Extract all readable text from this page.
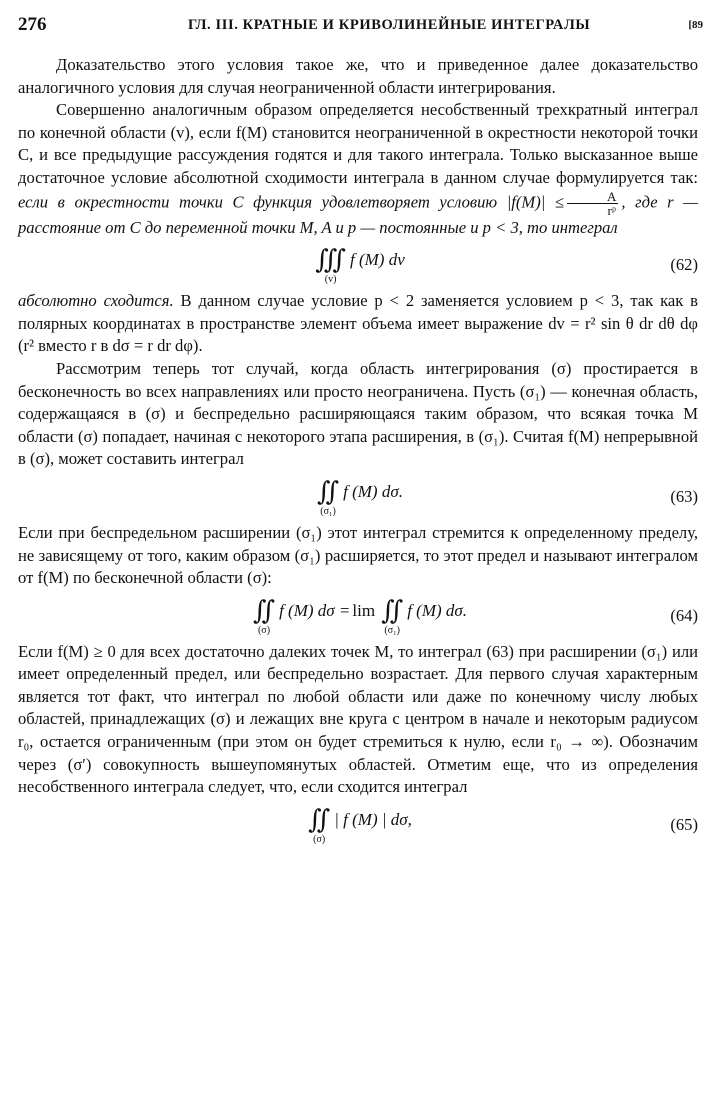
276	ГЛ. III. КРАТНЫЕ И КРИВОЛИНЕЙНЫЕ ИНТЕГРАЛЫ	[89

Доказательство этого условия такое же, что и приведенное далее доказательство аналогичного условия для случая неограниченной области интегрирования.

Совершенно аналогичным образом определяется несобственный трехкратный интеграл по конечной области (v), если f(M) становится неограниченной в окрестности некоторой точки C, и все предыдущие рассуждения годятся и для такого интеграла. Только высказанное выше достаточное условие абсолютной сходимости интеграла в данном случае формулируется так: если в окрестности точки C функция удовлетворяет условию $|f(M)| \le \frac{A}{\text{rᵖ}}$ , где r — расстояние от C до переменной точки M, A и p — постоянные и p < 3, то интеграл

∭
(v)
f (M) dv	(62)

абсолютно сходится. В данном случае условие p < 2 заменяется условием p < 3, так как в полярных координатах в пространстве элемент объема имеет выражение dv = r² sin θ dr dθ dφ (r² вместо r в dσ = r dr dφ).

Рассмотрим теперь тот случай, когда область интегрирования (σ) простирается в бесконечность во всех направлениях или просто неограничена. Пусть (σ₁) — конечная область, содержащаяся в (σ) и беспредельно расширяющаяся таким образом, что всякая точка M области (σ) попадает, начиная с некоторого этапа расширения, в (σ₁). Считая f(M) непрерывной в (σ), может составить интеграл

∬
(σ₁)
f (M) dσ.	(63)

Если при беспредельном расширении (σ₁) этот интеграл стремится к определенному пределу, не зависящему от того, каким образом (σ₁) расширяется, то этот предел и называют интегралом от f(M) по бесконечной области (σ):

∬
(σ)
f (M) dσ = lim ∬
(σ₁)
f (M) dσ.	(64)

Если f(M) ≥ 0 для всех достаточно далеких точек M, то интеграл (63) при расширении (σ₁) или имеет определенный предел, или беспредельно возрастает. Для первого случая характерным является тот факт, что интеграл по любой области или даже по конечному числу любых областей, принадлежащих (σ) и лежащих вне круга с центром в начале и некоторым радиусом r₀, остается ограниченным (при этом он будет стремиться к нулю, если r₀ → ∞). Обозначим через (σ′) совокупность вышеупомянутых областей. Отметим еще, что из определения несобственного интеграла следует, что, если сходится интеграл

∬
(σ)
| f (M) | dσ,	(65)
